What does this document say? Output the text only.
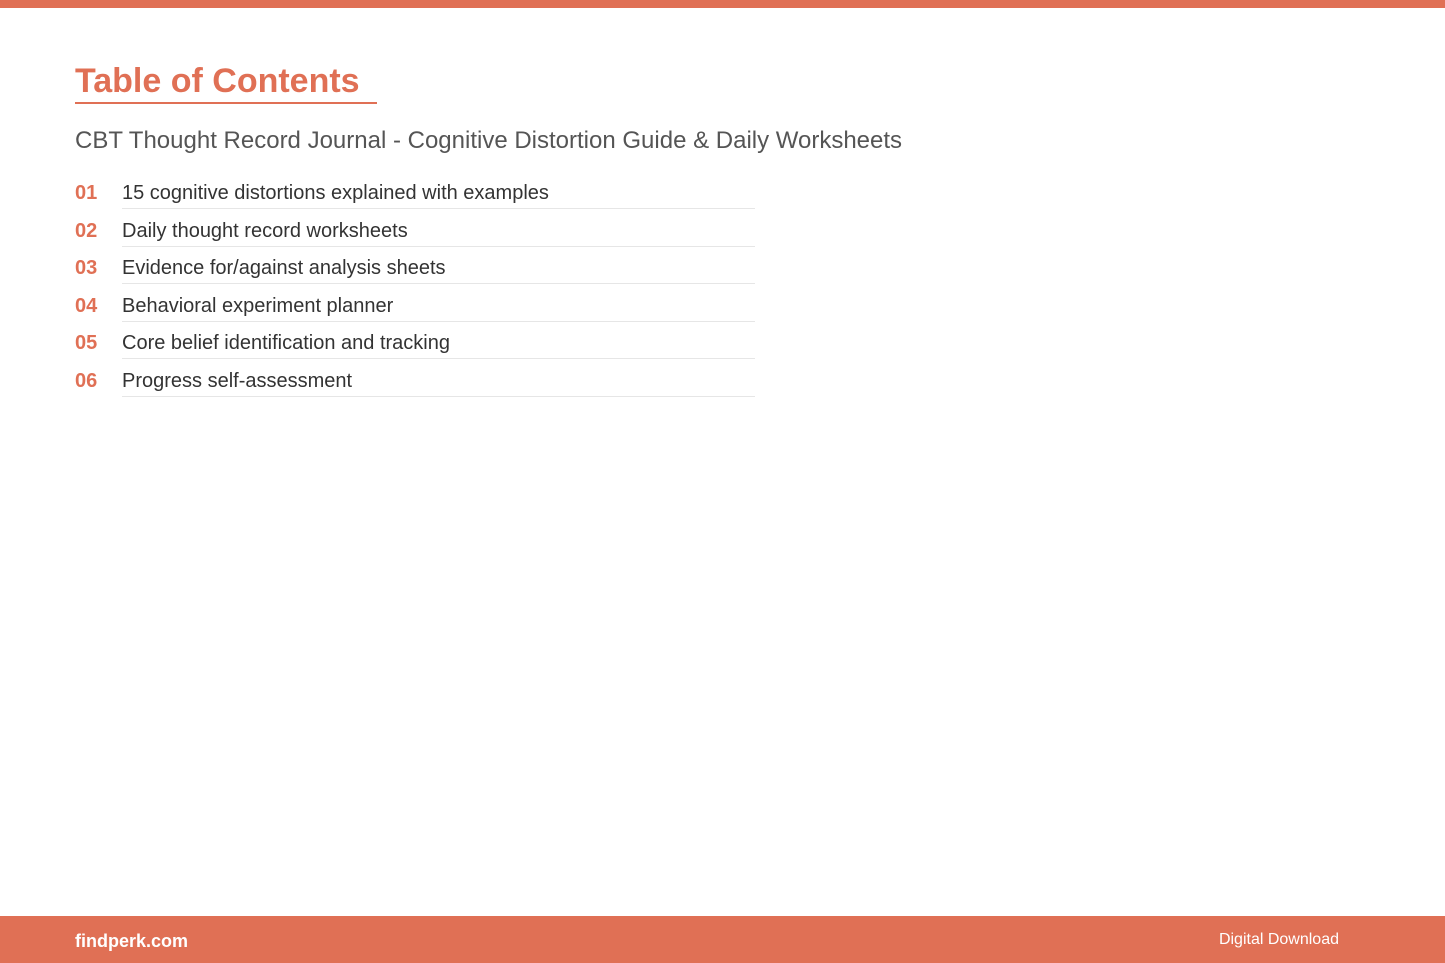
Table of Contents
CBT Thought Record Journal - Cognitive Distortion Guide & Daily Worksheets
01	15 cognitive distortions explained with examples
02	Daily thought record worksheets
03	Evidence for/against analysis sheets
04	Behavioral experiment planner
05	Core belief identification and tracking
06	Progress self-assessment
findperk.com	Digital Download
